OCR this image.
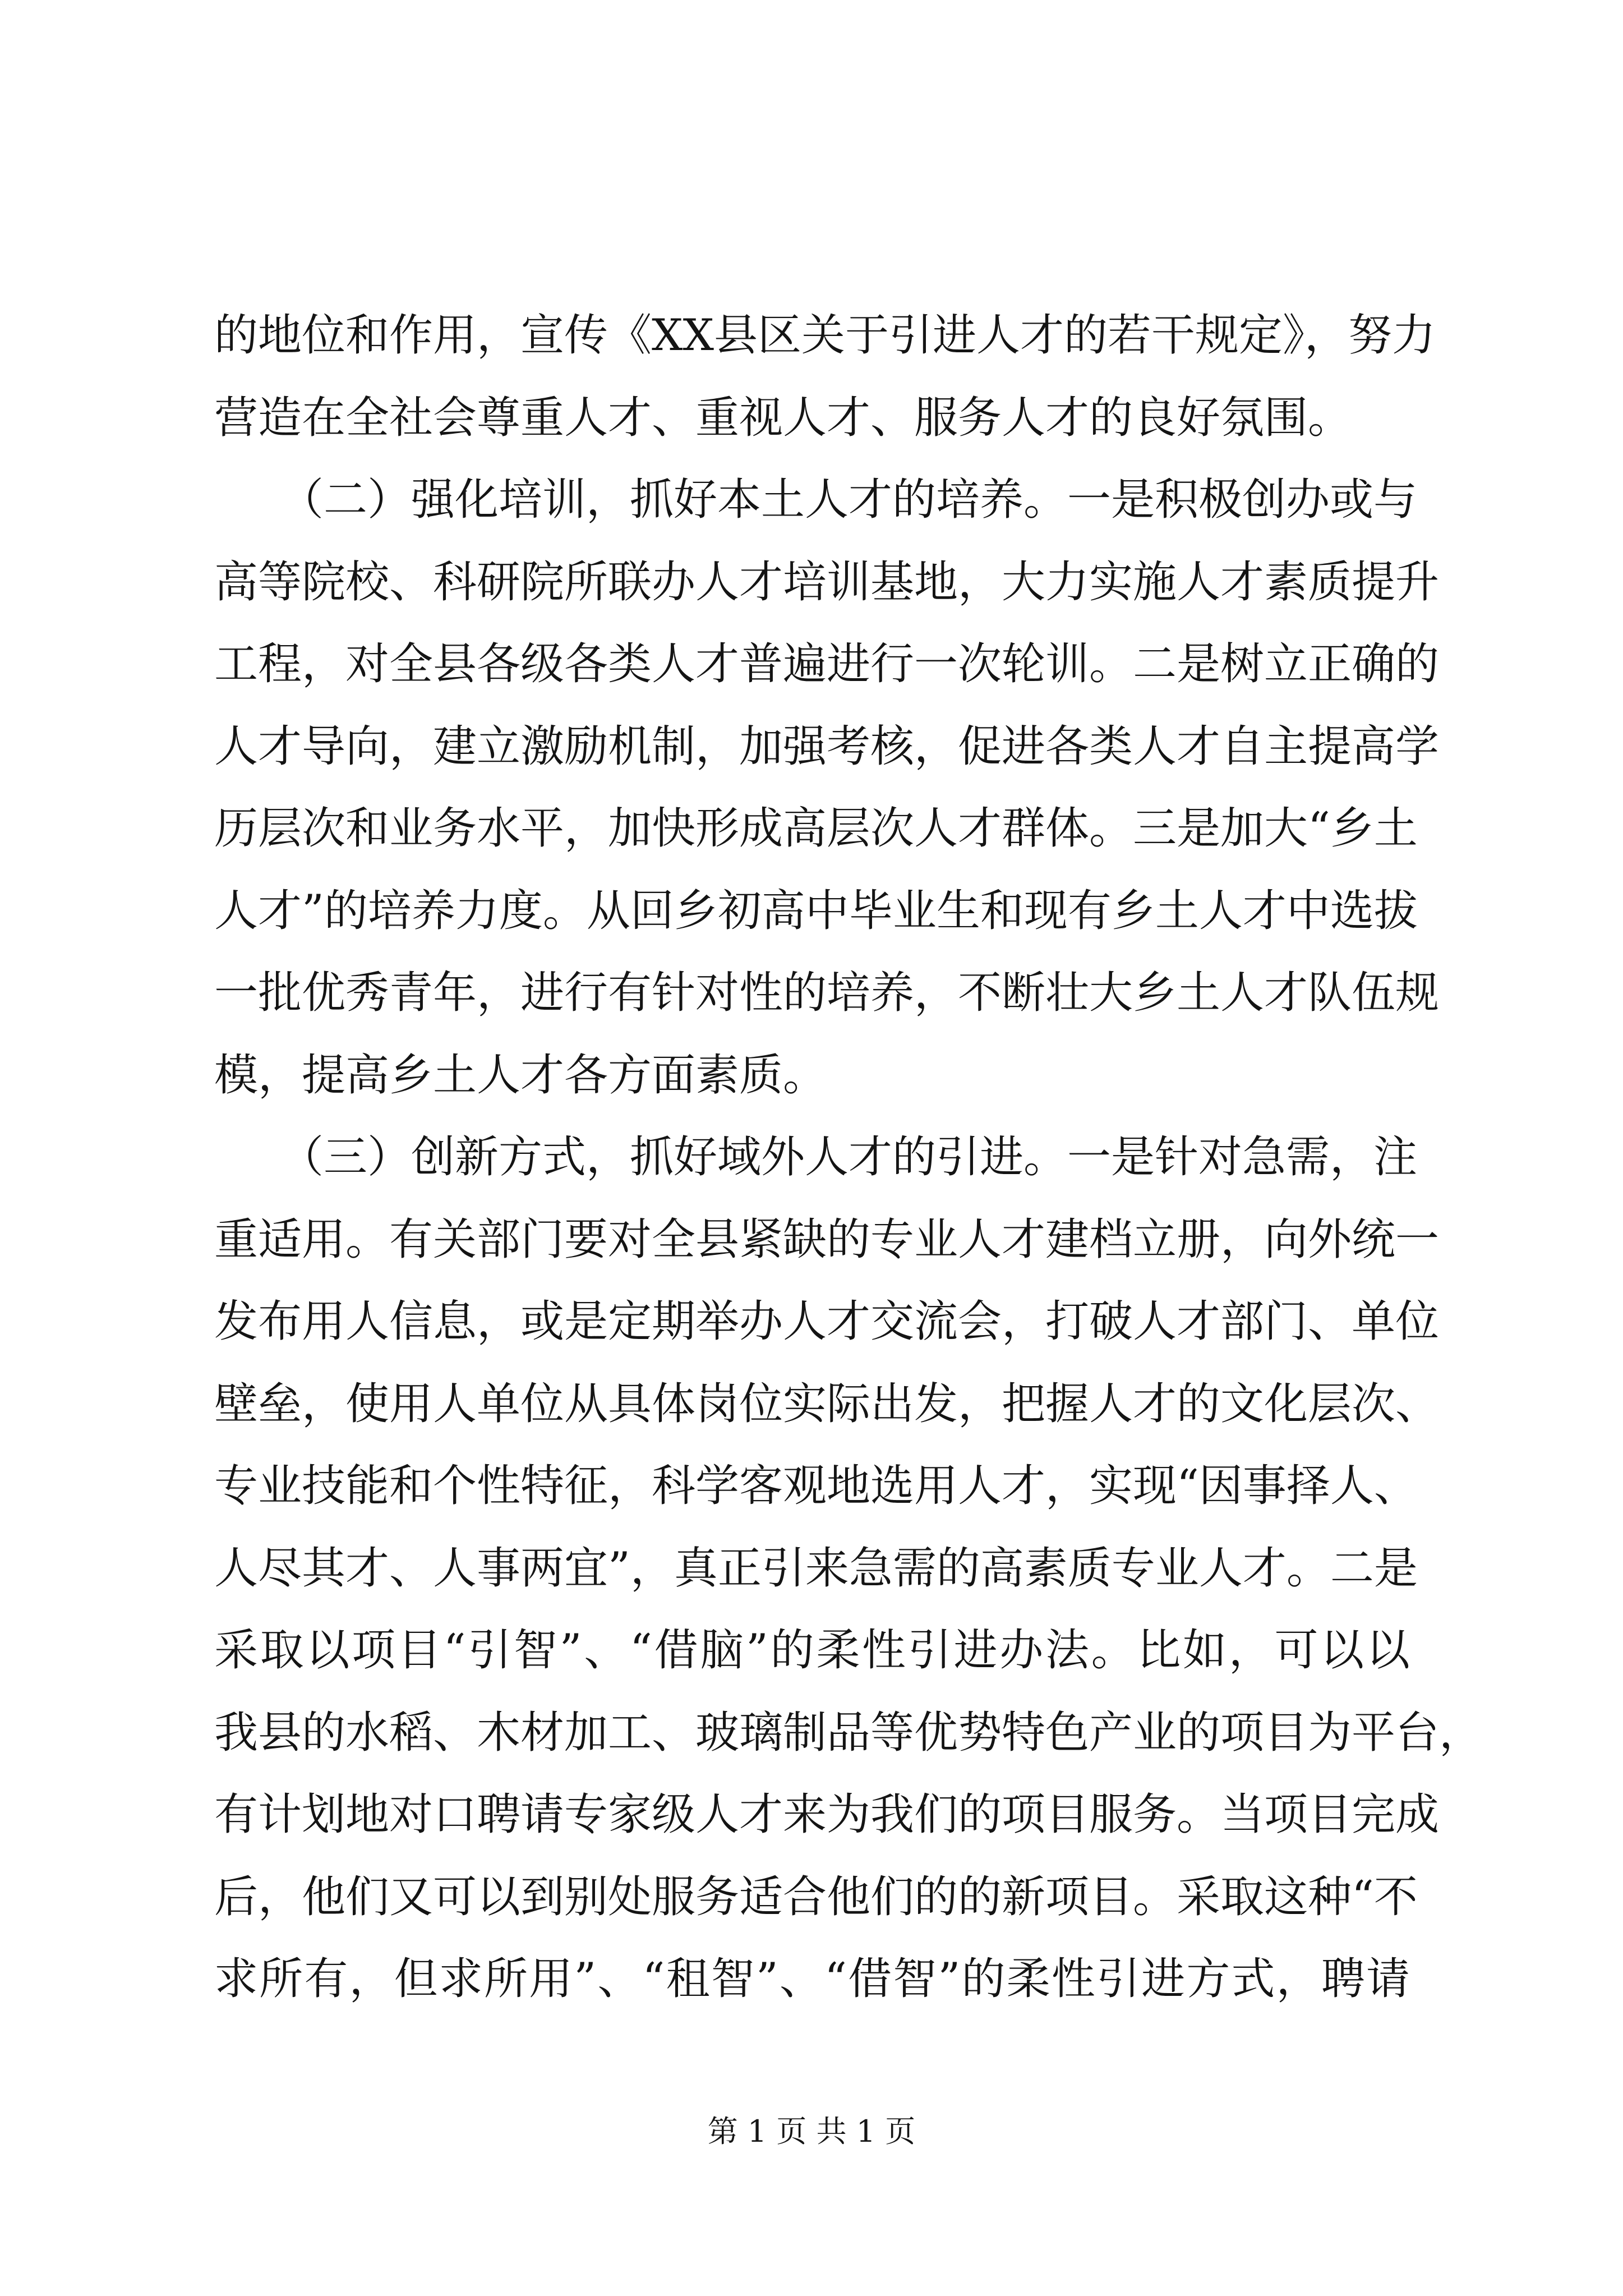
的地位和作用，宣传《XX县区关于引进人才的若干规定》，努力
营造在全社会尊重人才、重视人才、服务人才的良好氛围。
　　（二）强化培训，抓好本土人才的培养。一是积极创办或与
高等院校、科研院所联办人才培训基地，大力实施人才素质提升
工程，对全县各级各类人才普遍进行一次轮训。二是树立正确的
人才导向，建立激励机制，加强考核，促进各类人才自主提高学
历层次和业务水平，加快形成高层次人才群体。三是加大“乡土
人才”的培养力度。从回乡初高中毕业生和现有乡土人才中选拔
一批优秀青年，进行有针对性的培养，不断壮大乡土人才队伍规
模，提高乡土人才各方面素质。
　　（三）创新方式，抓好域外人才的引进。一是针对急需，注
重适用。有关部门要对全县紧缺的专业人才建档立册，向外统一
发布用人信息，或是定期举办人才交流会，打破人才部门、单位
壁垒，使用人单位从具体岗位实际出发，把握人才的文化层次、
专业技能和个性特征，科学客观地选用人才，实现“因事择人、
人尽其才、人事两宜”，真正引来急需的高素质专业人才。二是
采取以项目“引智”、“借脑”的柔性引进办法。比如，可以以
我县的水稻、木材加工、玻璃制品等优势特色产业的项目为平台，
有计划地对口聘请专家级人才来为我们的项目服务。当项目完成
后，他们又可以到别处服务适合他们的的新项目。采取这种“不
求所有，但求所用”、“租智”、“借智”的柔性引进方式，聘请
第 1 页 共 1 页
